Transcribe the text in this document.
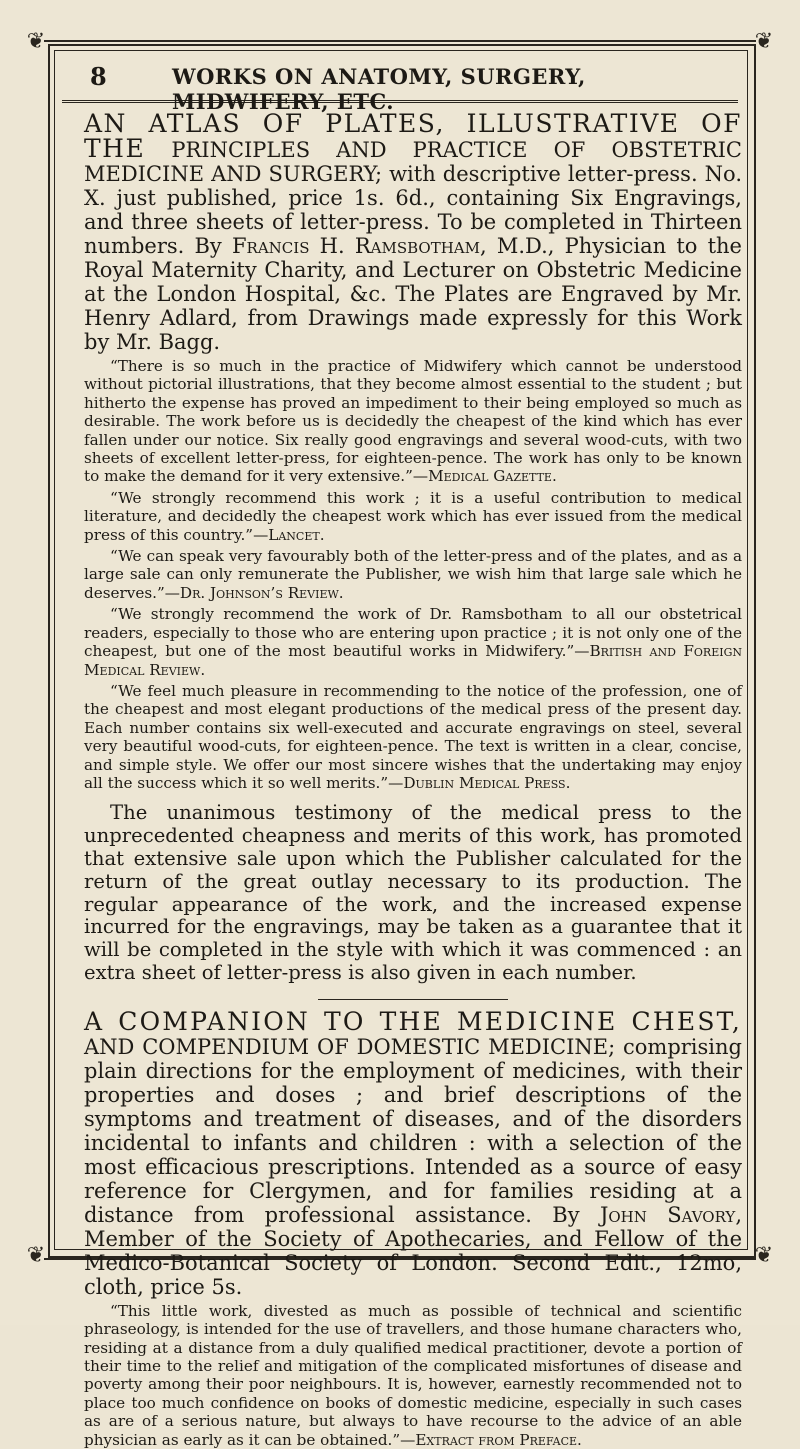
❦	❦
❦	❦
8	WORKS ON ANATOMY, SURGERY, MIDWIFERY, ETC.

AN ATLAS OF PLATES, ILLUSTRATIVE OF THE PRINCIPLES AND PRACTICE OF OBSTETRIC MEDICINE AND SURGERY; with descriptive letter-press. No. X. just published, price 1s. 6d., containing Six Engravings, and three sheets of letter-press. To be completed in Thirteen numbers. By Francis H. Ramsbotham, M.D., Physician to the Royal Maternity Charity, and Lecturer on Obstetric Medicine at the London Hospital, &c. The Plates are Engraved by Mr. Henry Adlard, from Drawings made expressly for this Work by Mr. Bagg.

“There is so much in the practice of Midwifery which cannot be understood without pictorial illustrations, that they become almost essential to the student ; but hitherto the expense has proved an impediment to their being employed so much as desirable. The work before us is decidedly the cheapest of the kind which has ever fallen under our notice. Six really good engravings and several wood-cuts, with two sheets of excellent letter-press, for eighteen-pence. The work has only to be known to make the demand for it very extensive.”—Medical Gazette.

“We strongly recommend this work ; it is a useful contribution to medical literature, and decidedly the cheapest work which has ever issued from the medical press of this country.”—Lancet.

“We can speak very favourably both of the letter-press and of the plates, and as a large sale can only remunerate the Publisher, we wish him that large sale which he deserves.”—Dr. Johnson’s Review.

“We strongly recommend the work of Dr. Ramsbotham to all our obstetrical readers, especially to those who are entering upon practice ; it is not only one of the cheapest, but one of the most beautiful works in Midwifery.”—British and Foreign Medical Review.

“We feel much pleasure in recommending to the notice of the profession, one of the cheapest and most elegant productions of the medical press of the present day. Each number contains six well-executed and accurate engravings on steel, several very beautiful wood-cuts, for eighteen-pence. The text is written in a clear, concise, and simple style. We offer our most sincere wishes that the undertaking may enjoy all the success which it so well merits.”—Dublin Medical Press.

The unanimous testimony of the medical press to the unprecedented cheapness and merits of this work, has promoted that extensive sale upon which the Publisher calculated for the return of the great outlay necessary to its production. The regular appearance of the work, and the increased expense incurred for the engravings, may be taken as a guarantee that it will be completed in the style with which it was commenced : an extra sheet of letter-press is also given in each number.

A COMPANION TO THE MEDICINE CHEST, AND COMPENDIUM OF DOMESTIC MEDICINE; comprising plain directions for the employment of medicines, with their properties and doses ; and brief descriptions of the symptoms and treatment of diseases, and of the disorders incidental to infants and children : with a selection of the most efficacious prescriptions. Intended as a source of easy reference for Clergymen, and for families residing at a distance from professional assistance. By John Savory, Member of the Society of Apothecaries, and Fellow of the Medico-Botanical Society of London. Second Edit., 12mo, cloth, price 5s.

“This little work, divested as much as possible of technical and scientific phraseology, is intended for the use of travellers, and those humane characters who, residing at a distance from a duly qualified medical practitioner, devote a portion of their time to the relief and mitigation of the complicated misfortunes of disease and poverty among their poor neighbours. It is, however, earnestly recommended not to place too much confidence on books of domestic medicine, especially in such cases as are of a serious nature, but always to have recourse to the advice of an able physician as early as it can be obtained.”—Extract from Preface.
